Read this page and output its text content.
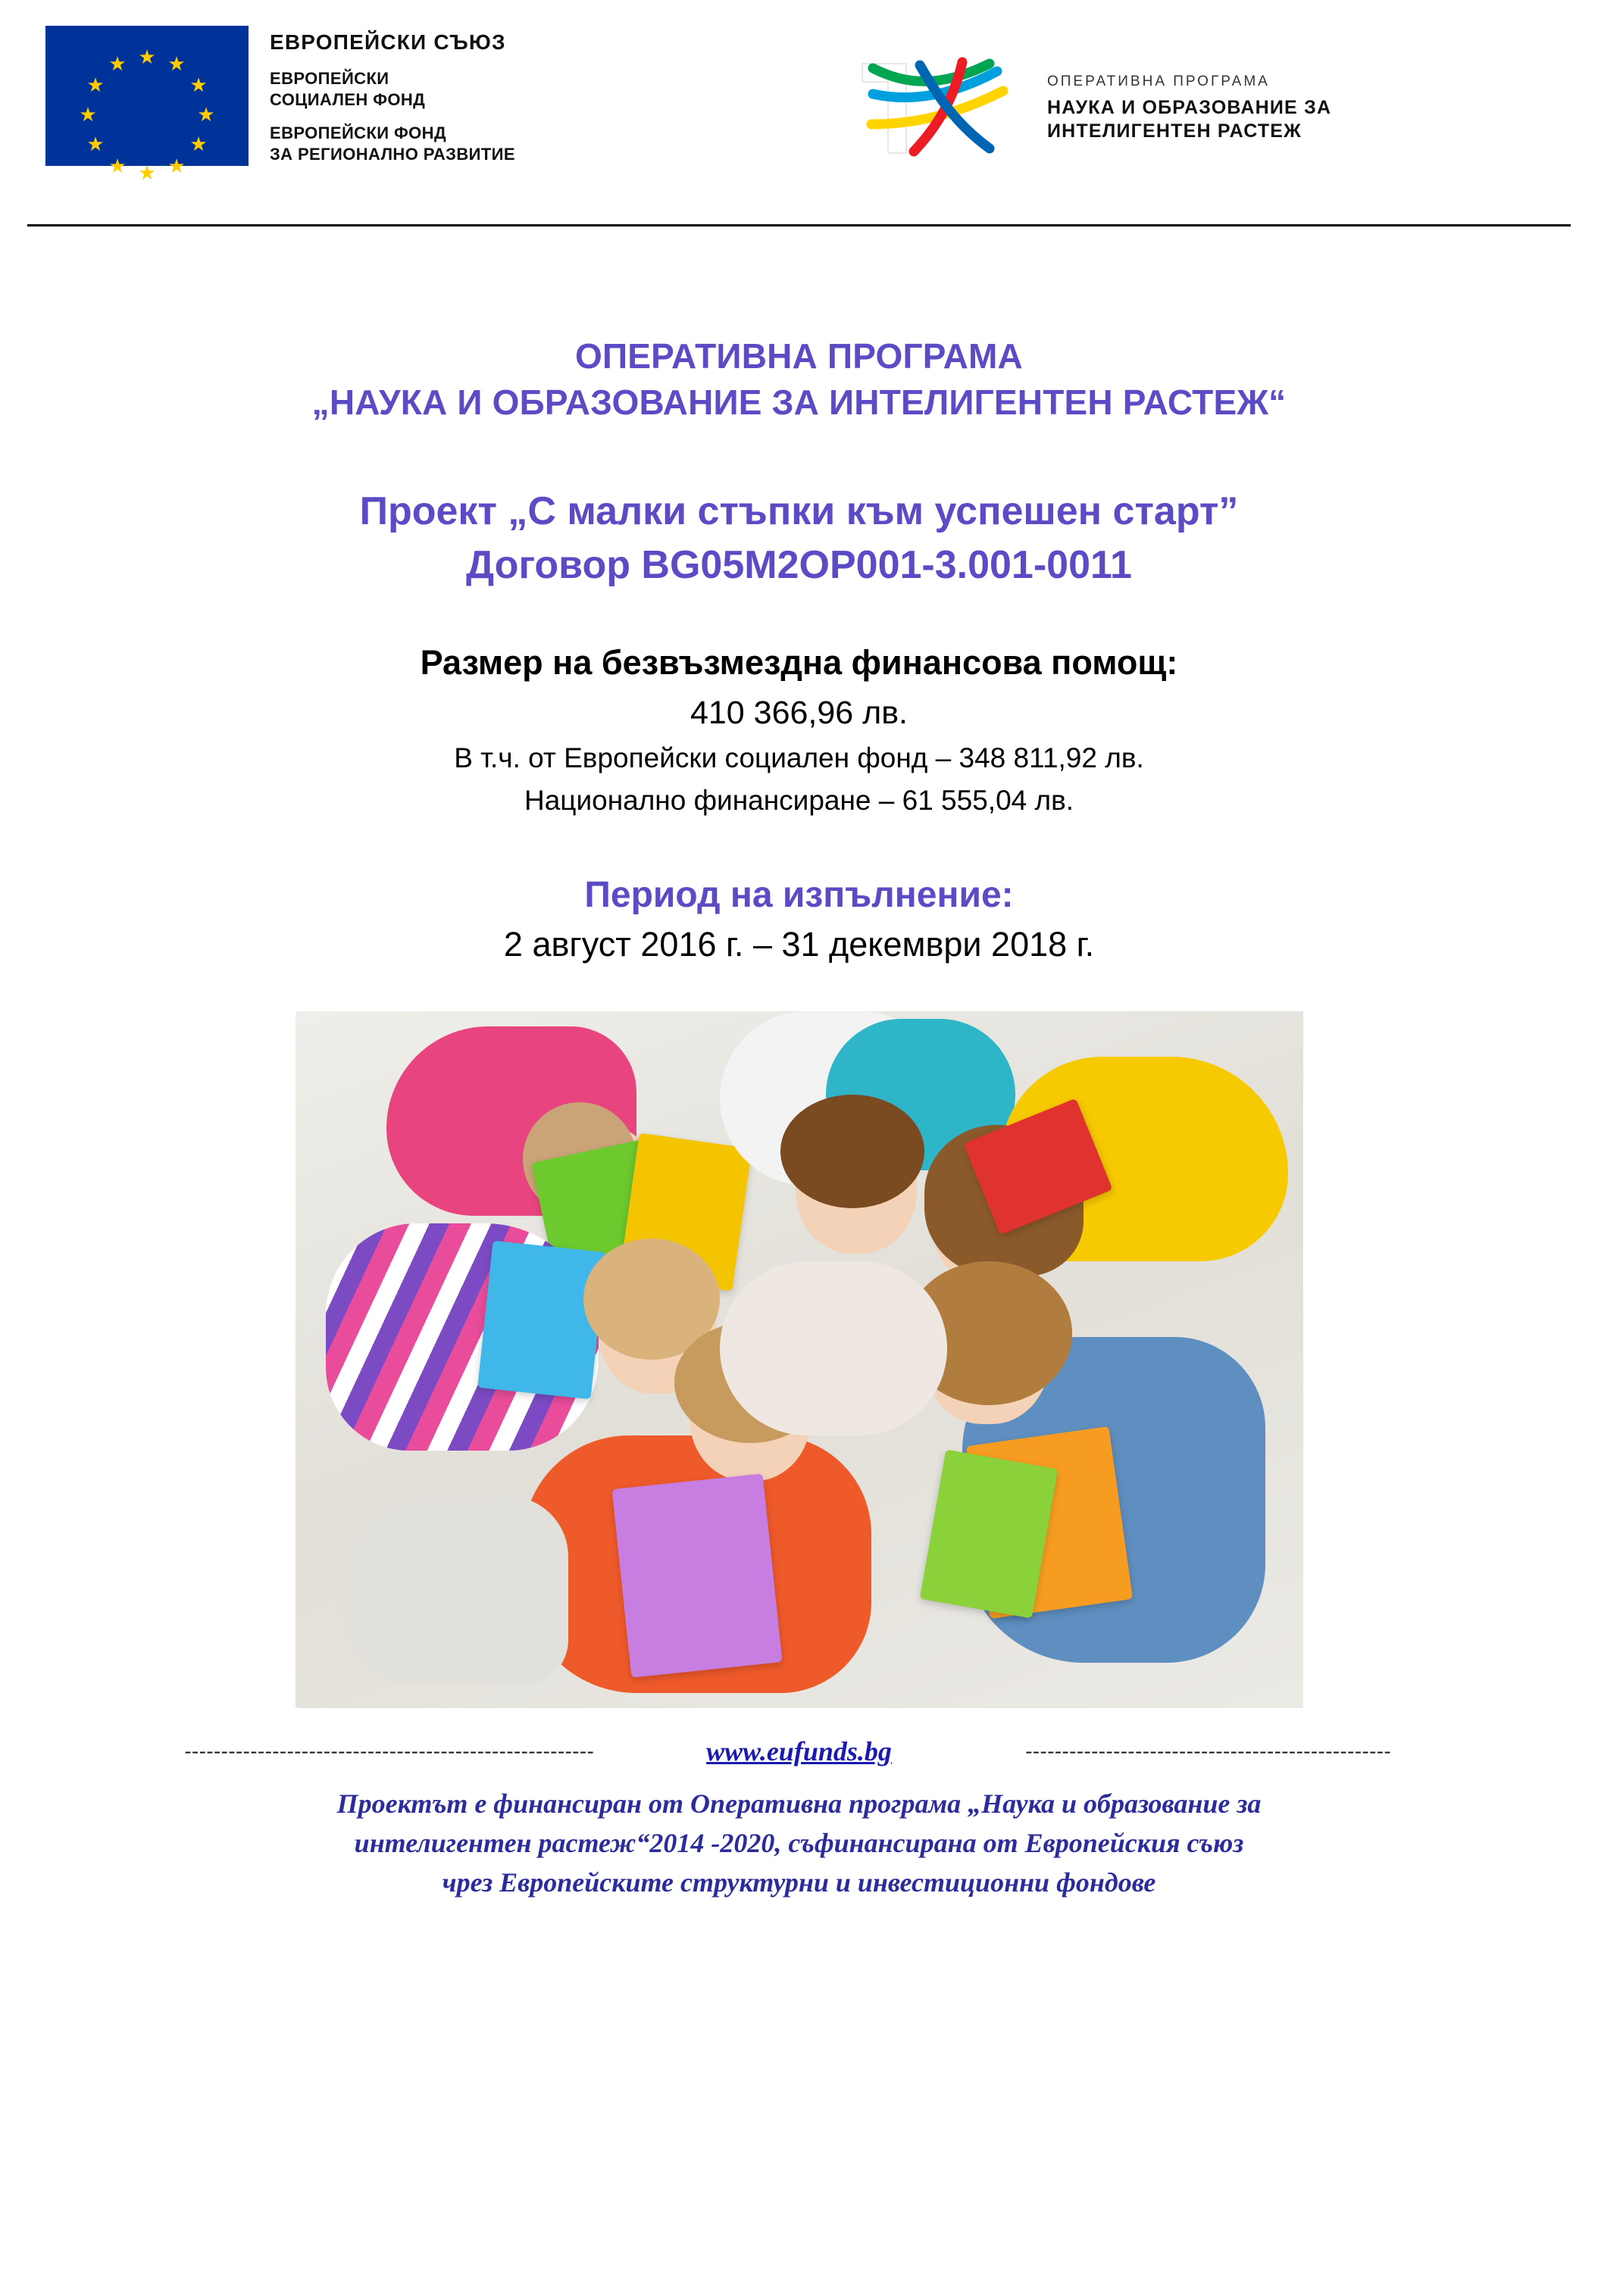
★ ★
★
★
★
★
★
★
★
★
★
★
ЕВРОПЕЙСКИ СЪЮЗ
ЕВРОПЕЙСКИ
СОЦИАЛЕН ФОНД
ЕВРОПЕЙСКИ ФОНД
ЗА РЕГИОНАЛНО РАЗВИТИЕ
ОПЕРАТИВНА ПРОГРАМА
НАУКА И ОБРАЗОВАНИЕ ЗА
ИНТЕЛИГЕНТЕН РАСТЕЖ
ОПЕРАТИВНА ПРОГРАМА
„НАУКА И ОБРАЗОВАНИЕ ЗА ИНТЕЛИГЕНТЕН РАСТЕЖ“
Проект „С малки стъпки към успешен старт”
Договор BG05M2OP001-3.001-0011
Размер на безвъзмездна финансова помощ:
410 366,96 лв.
В т.ч. от Европейски социален фонд – 348 811,92 лв.
Национално финансиране – 61 555,04 лв.
Период на изпълнение:
2 август 2016 г. – 31 декември 2018 г.
--------------------------------------------------------	www.eufunds.bg	--------------------------------------------------
Проектът е финансиран от Оперативна програма „Наука и образование за
интелигентен растеж“2014 -2020, съфинансирана от Европейския съюз
чрез Европейските структурни и инвестиционни фондове
